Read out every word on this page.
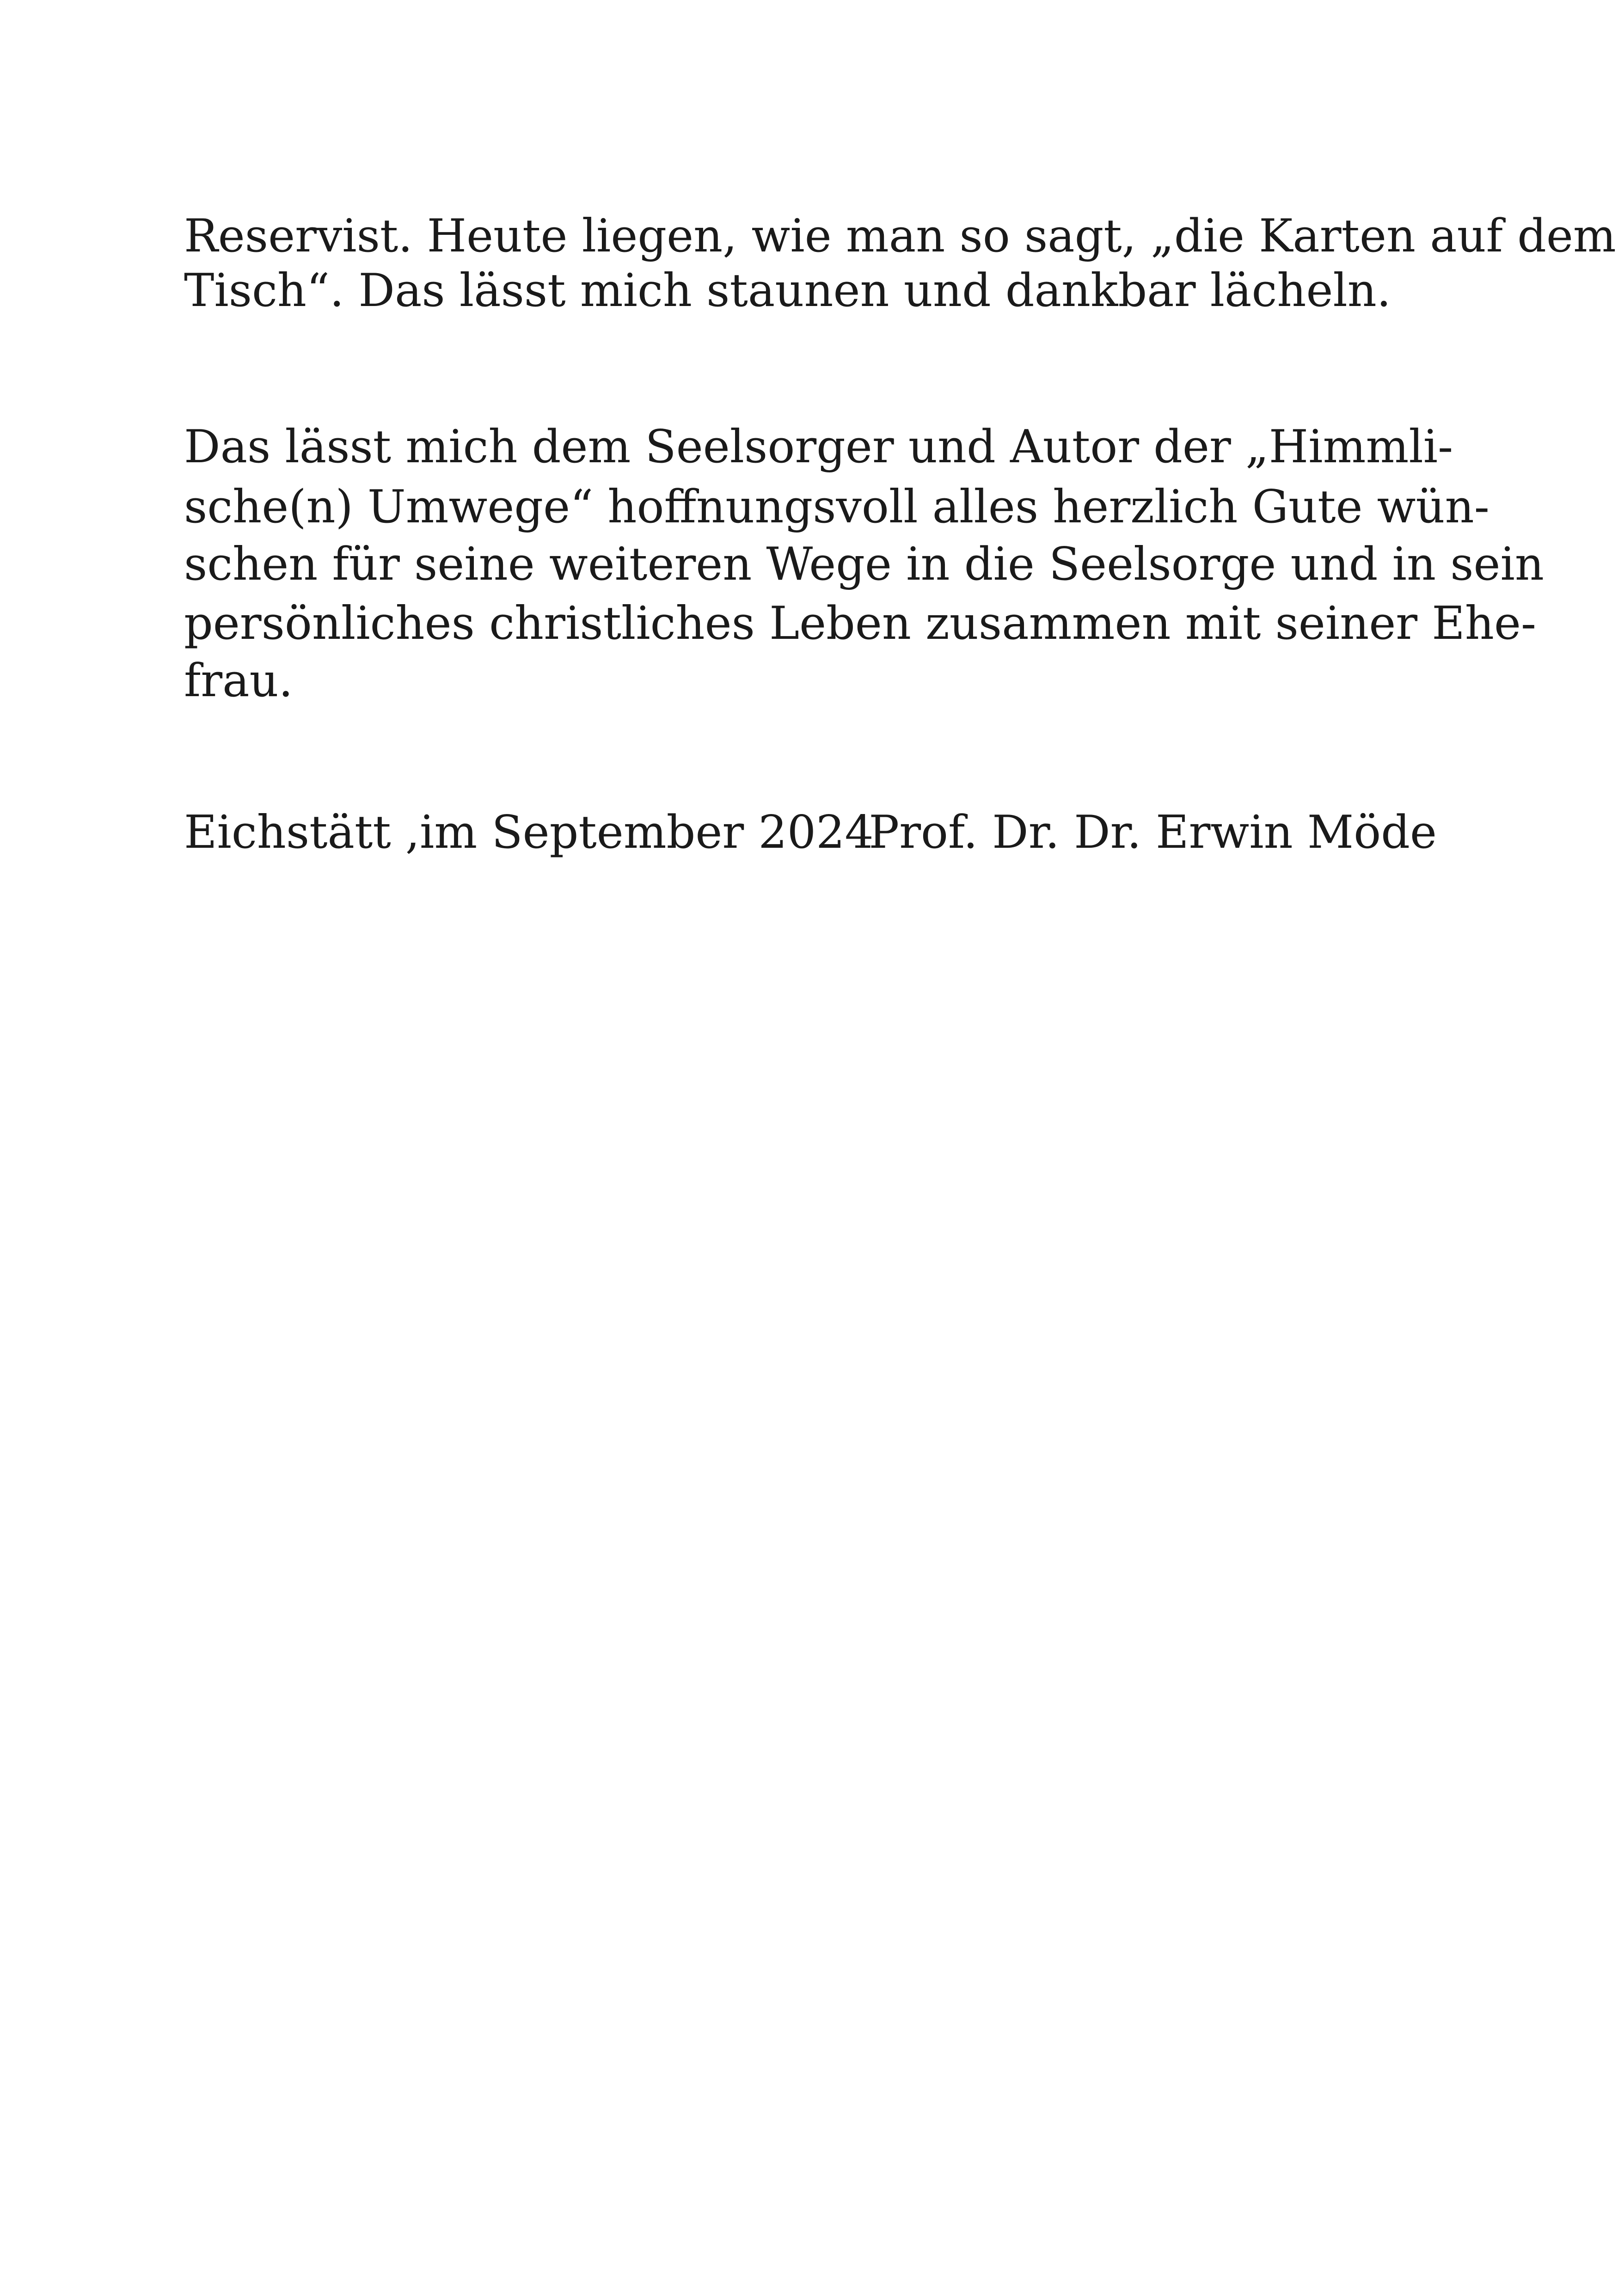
Reservist. Heute liegen, wie man so sagt, „die Karten auf dem
Tisch“. Das lässt mich staunen und dankbar lächeln.
Das lässt mich dem Seelsorger und Autor der „Himmli-
sche(n) Umwege“ hoffnungsvoll alles herzlich Gute wün-
schen für seine weiteren Wege in die Seelsorge und in sein
persönliches christliches Leben zusammen mit seiner Ehe-
frau.
Eichstätt ,im September 2024
Prof. Dr. Dr. Erwin Möde
